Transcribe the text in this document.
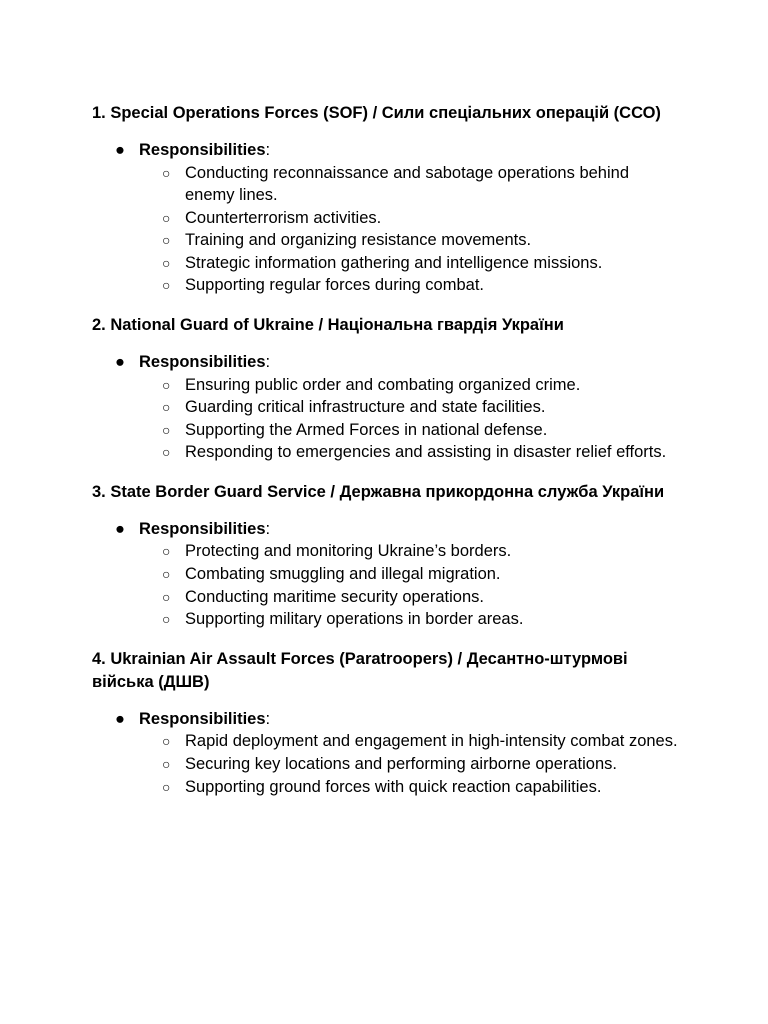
1. Special Operations Forces (SOF) / Сили спеціальних операцій (ССО)

● Responsibilities:

○ Conducting reconnaissance and sabotage operations behind enemy lines.
○ Counterterrorism activities.
○ Training and organizing resistance movements.
○ Strategic information gathering and intelligence missions.
○ Supporting regular forces during combat.
2. National Guard of Ukraine / Національна гвардія України

● Responsibilities:

○ Ensuring public order and combating organized crime.
○ Guarding critical infrastructure and state facilities.
○ Supporting the Armed Forces in national defense.
○ Responding to emergencies and assisting in disaster relief efforts.
3. State Border Guard Service / Державна прикордонна служба України

● Responsibilities:

○ Protecting and monitoring Ukraine’s borders.
○ Combating smuggling and illegal migration.
○ Conducting maritime security operations.
○ Supporting military operations in border areas.
4. Ukrainian Air Assault Forces (Paratroopers) / Десантно-штурмові війська (ДШВ)

● Responsibilities:

○ Rapid deployment and engagement in high-intensity combat zones.
○ Securing key locations and performing airborne operations.
○ Supporting ground forces with quick reaction capabilities.
